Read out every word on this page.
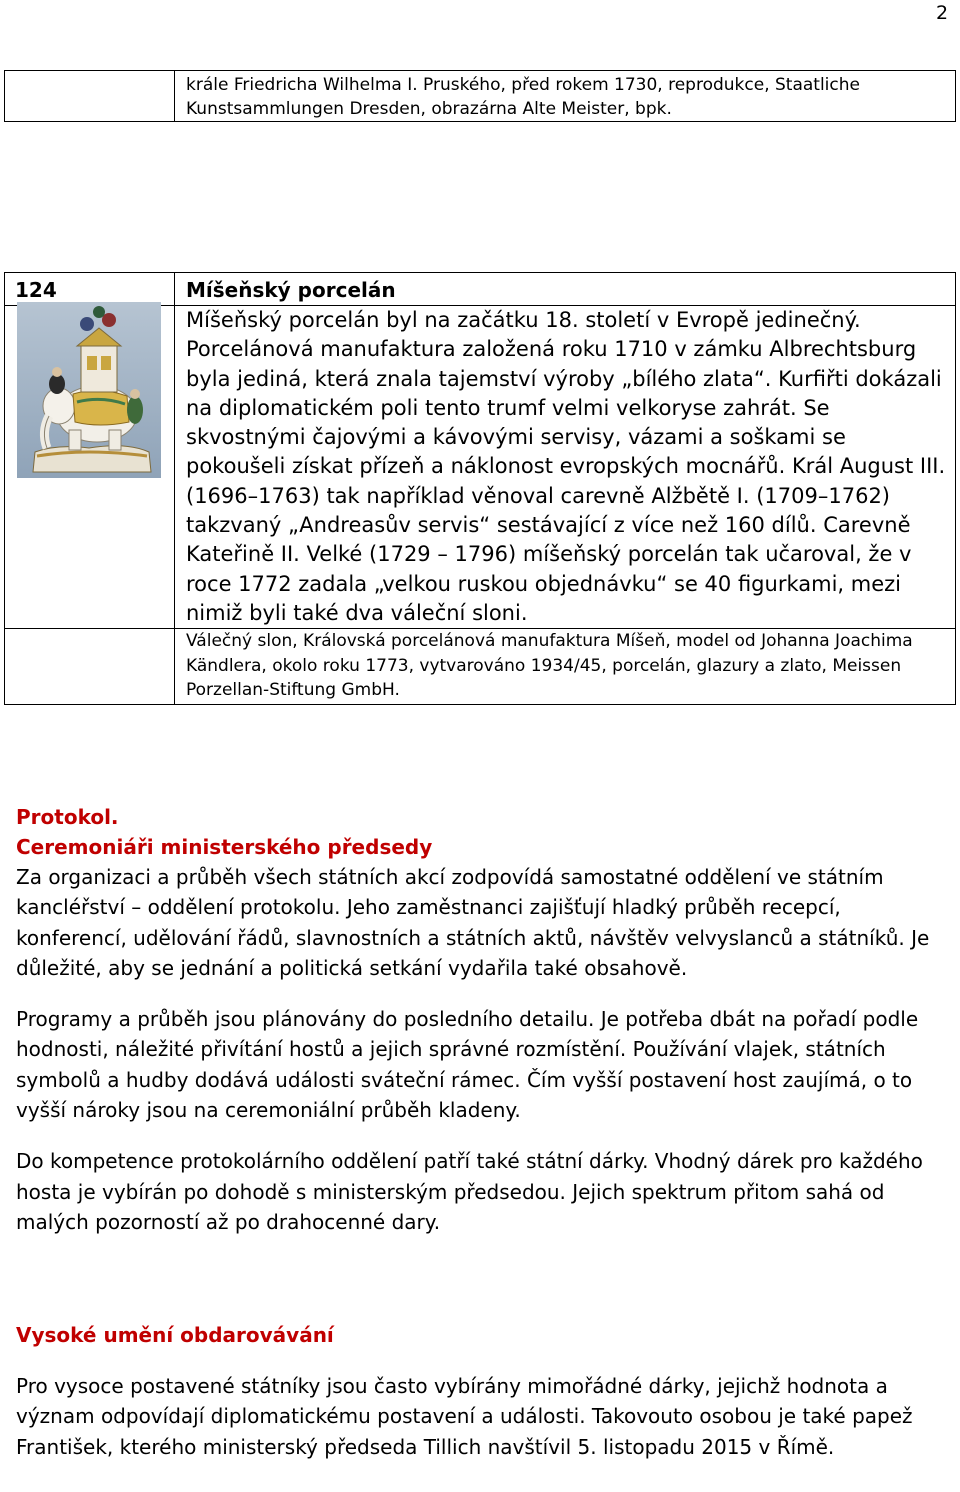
2

krále Friedricha Wilhelma I. Pruského, před rokem 1730, reprodukce, Staatliche Kunstsammlungen Dresden, obrazárna Alte Meister, bpk.
124	Míšeňský porcelán

	Míšeňský porcelán byl na začátku 18. století v Evropě jedinečný. Porcelánová manufaktura založená roku 1710 v zámku Albrechtsburg byla jediná, která znala tajemství výroby „bílého zlata“. Kurfiřti dokázali na diplomatickém poli tento trumf velmi velkoryse zahrát. Se skvostnými čajovými a kávovými servisy, vázami a soškami se pokoušeli získat přízeň a náklonost evropských mocnářů. Král August III. (1696–1763) tak například věnoval carevně Alžbětě I. (1709–1762) takzvaný „Andreasův servis“ sestávající z více než 160 dílů. Carevně Kateřině II. Velké (1729 – 1796) míšeňský porcelán tak učaroval, že v roce 1772 zadala „velkou ruskou objednávku“ se 40 figurkami, mezi nimiž byli také dva váleční sloni.

	Válečný slon, Královská porcelánová manufaktura Míšeň, model od Johanna Joachima Kändlera, okolo roku 1773, vytvarováno 1934/45, porcelán, glazury a zlato, Meissen Porzellan-Stiftung GmbH.
Protokol.
Ceremoniáři ministerského předsedy

Za organizaci a průběh všech státních akcí zodpovídá samostatné oddělení ve státním kancléřství – oddělení protokolu. Jeho zaměstnanci zajišťují hladký průběh recepcí, konferencí, udělování řádů, slavnostních a státních aktů, návštěv velvyslanců a státníků. Je důležité, aby se jednání a politická setkání vydařila také obsahově.

Programy a průběh jsou plánovány do posledního detailu. Je potřeba dbát na pořadí podle hodnosti, náležité přivítání hostů a jejich správné rozmístění. Používání vlajek, státních symbolů a hudby dodává události sváteční rámec. Čím vyšší postavení host zaujímá, o to vyšší nároky jsou na ceremoniální průběh kladeny.

Do kompetence protokolárního oddělení patří také státní dárky. Vhodný dárek pro každého hosta je vybírán po dohodě s ministerským předsedou. Jejich spektrum přitom sahá od malých pozorností až po drahocenné dary.

Vysoké umění obdarovávání

Pro vysoce postavené státníky jsou často vybírány mimořádné dárky, jejichž hodnota a význam odpovídají diplomatickému postavení a události. Takovouto osobou je také papež František, kterého ministerský předseda Tillich navštívil 5. listopadu 2015 v Římě.
